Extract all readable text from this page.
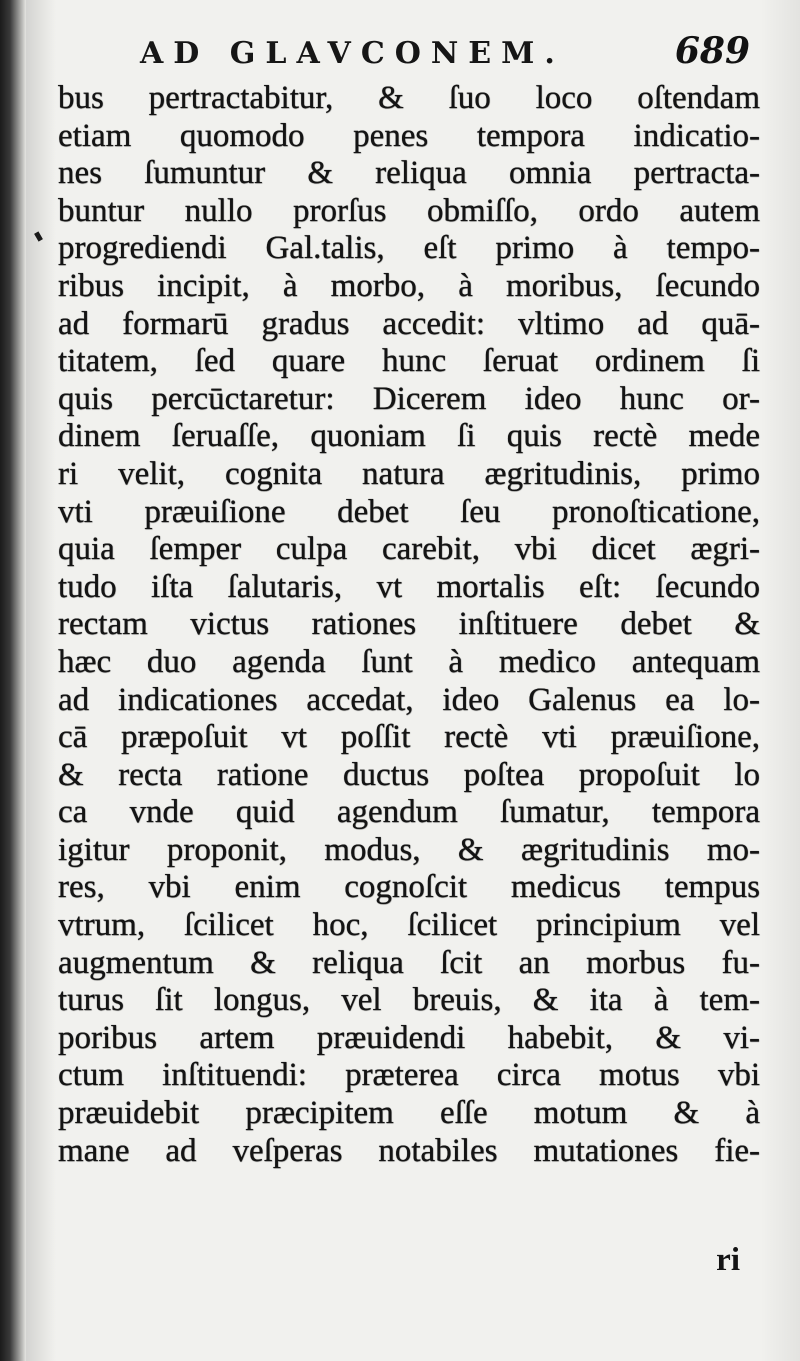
AD GLAVCONEM.	689
bus pertractabitur, & ſuo loco oſtendam
etiam quomodo penes tempora indicatio-
nes ſumuntur & reliqua omnia pertracta-
buntur nullo prorſus obmiſſo, ordo autem
progrediendi Gal.talis, eſt primo à tempo-
ribus incipit, à morbo, à moribus, ſecundo
ad formarū gradus accedit: vltimo ad quā-
titatem, ſed quare hunc ſeruat ordinem ſi
quis percūctaretur: Dicerem ideo hunc or-
dinem ſeruaſſe, quoniam ſi quis rectè mede
ri velit, cognita natura ægritudinis, primo
vti præuiſione debet ſeu pronoſticatione,
quia ſemper culpa carebit, vbi dicet ægri-
tudo iſta ſalutaris, vt mortalis eſt: ſecundo
rectam victus rationes inſtituere debet &
hæc duo agenda ſunt à medico antequam
ad indicationes accedat, ideo Galenus ea lo-
cā præpoſuit vt poſſit rectè vti præuiſione,
& recta ratione ductus poſtea propoſuit lo
ca vnde quid agendum ſumatur, tempora
igitur proponit, modus, & ægritudinis mo-
res, vbi enim cognoſcit medicus tempus
vtrum, ſcilicet hoc, ſcilicet principium vel
augmentum & reliqua ſcit an morbus fu-
turus ſit longus, vel breuis, & ita à tem-
poribus artem præuidendi habebit, & vi-
ctum inſtituendi: præterea circa motus vbi
præuidebit præcipitem eſſe motum & à
mane ad veſperas notabiles mutationes fie-
ri
